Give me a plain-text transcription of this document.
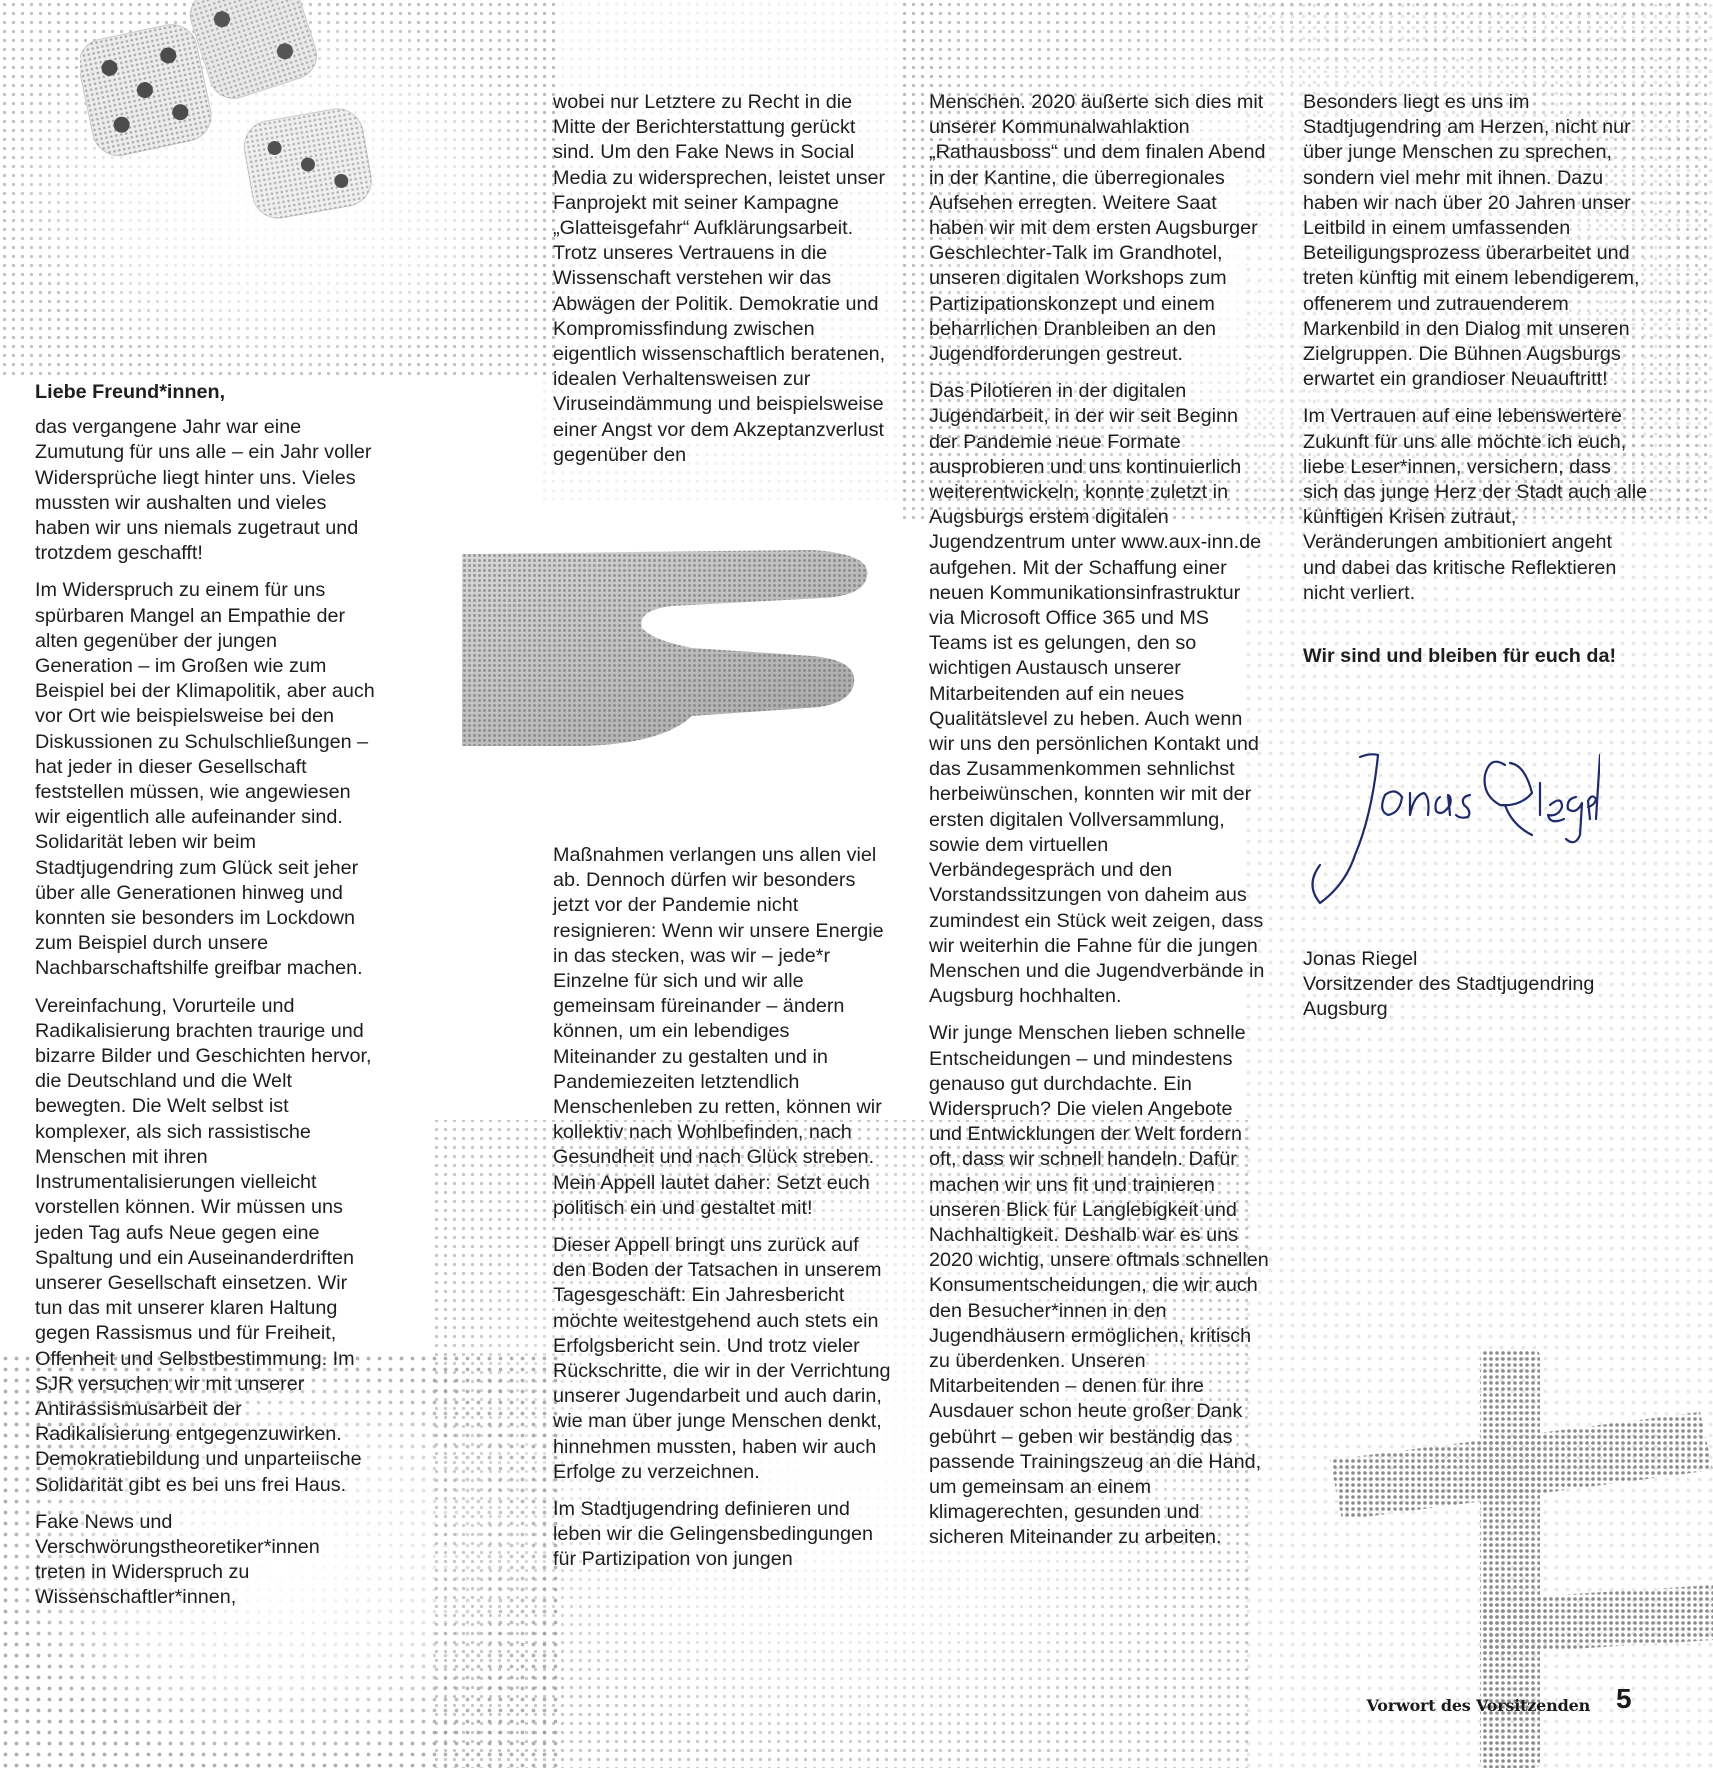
Liebe Freund*innen,

das vergangene Jahr war eine Zumutung für uns alle – ein Jahr voller Widersprüche liegt hinter uns. Vieles mussten wir aushalten und vieles haben wir uns niemals zugetraut und trotzdem geschafft!

Im Widerspruch zu einem für uns spürbaren Mangel an Empathie der alten gegenüber der jungen Generation – im Großen wie zum Beispiel bei der Klimapolitik, aber auch vor Ort wie beispielsweise bei den Diskussionen zu Schulschließungen – hat jeder in dieser Gesellschaft feststellen müssen, wie angewiesen wir eigentlich alle aufeinander sind. Solidarität leben wir beim Stadtjugendring zum Glück seit jeher über alle Generationen hinweg und konnten sie besonders im Lockdown zum Beispiel durch unsere Nachbarschaftshilfe greifbar machen.

Vereinfachung, Vorurteile und Radikalisierung brachten traurige und bizarre Bilder und Geschichten hervor, die Deutschland und die Welt bewegten. Die Welt selbst ist komplexer, als sich rassistische Menschen mit ihren Instrumentalisierungen vielleicht vorstellen können. Wir müssen uns jeden Tag aufs Neue gegen eine Spaltung und ein Auseinanderdriften unserer Gesellschaft einsetzen. Wir tun das mit unserer klaren Haltung gegen Rassismus und für Freiheit, Offenheit und Selbstbestimmung. Im SJR versuchen wir mit unserer Antirassismusarbeit der Radikalisierung entgegenzuwirken. Demokratiebildung und unparteiische Solidarität gibt es bei uns frei Haus.

Fake News und Verschwörungstheoretiker*innen treten in Widerspruch zu Wissenschaftler*innen,

wobei nur Letztere zu Recht in die Mitte der Berichterstattung gerückt sind. Um den Fake News in Social Media zu widersprechen, leistet unser Fanprojekt mit seiner Kampagne „Glatteisgefahr“ Aufklärungsarbeit. Trotz unseres Vertrauens in die Wissenschaft verstehen wir das Abwägen der Politik. Demokratie und Kompromissfindung zwischen eigentlich wissenschaftlich beratenen, idealen Verhaltensweisen zur Viruseindämmung und beispielsweise einer Angst vor dem Akzeptanzverlust gegenüber den

Maßnahmen verlangen uns allen viel ab. Dennoch dürfen wir besonders jetzt vor der Pandemie nicht resignieren: Wenn wir unsere Energie in das stecken, was wir – jede*r Einzelne für sich und wir alle gemeinsam füreinander – ändern können, um ein lebendiges Miteinander zu gestalten und in Pandemiezeiten letztendlich Menschenleben zu retten, können wir kollektiv nach Wohlbefinden, nach Gesundheit und nach Glück streben. Mein Appell lautet daher: Setzt euch politisch ein und gestaltet mit!

Dieser Appell bringt uns zurück auf den Boden der Tatsachen in unserem Tagesgeschäft: Ein Jahresbericht möchte weitestgehend auch stets ein Erfolgsbericht sein. Und trotz vieler Rückschritte, die wir in der Verrichtung unserer Jugendarbeit und auch darin, wie man über junge Menschen denkt, hinnehmen mussten, haben wir auch Erfolge zu verzeichnen.

Im Stadtjugendring definieren und leben wir die Gelingensbedingungen für Partizipation von jungen

Menschen. 2020 äußerte sich dies mit unserer Kommunalwahlaktion „Rathausboss“ und dem finalen Abend in der Kantine, die überregionales Aufsehen erregten. Weitere Saat haben wir mit dem ersten Augsburger Geschlechter-Talk im Grandhotel, unseren digitalen Workshops zum Partizipationskonzept und einem beharrlichen Dranbleiben an den Jugendforderungen gestreut.

Das Pilotieren in der digitalen Jugendarbeit, in der wir seit Beginn der Pandemie neue Formate ausprobieren und uns kontinuierlich weiterentwickeln, konnte zuletzt in Augsburgs erstem digitalen Jugendzentrum unter www.aux-inn.de aufgehen. Mit der Schaffung einer neuen Kommunikationsinfrastruktur via Microsoft Office 365 und MS Teams ist es gelungen, den so wichtigen Austausch unserer Mitarbeitenden auf ein neues Qualitätslevel zu heben. Auch wenn wir uns den persönlichen Kontakt und das Zusammenkommen sehnlichst herbeiwünschen, konnten wir mit der ersten digitalen Vollversammlung, sowie dem virtuellen Verbändegespräch und den Vorstandssitzungen von daheim aus zumindest ein Stück weit zeigen, dass wir weiterhin die Fahne für die jungen Menschen und die Jugendverbände in Augsburg hochhalten.

Wir junge Menschen lieben schnelle Entscheidungen – und mindestens genauso gut durchdachte. Ein Widerspruch? Die vielen Angebote und Entwicklungen der Welt fordern oft, dass wir schnell handeln. Dafür machen wir uns fit und trainieren unseren Blick für Langlebigkeit und Nachhaltigkeit. Deshalb war es uns 2020 wichtig, unsere oftmals schnellen Konsumentscheidungen, die wir auch den Besucher*innen in den Jugendhäusern ermöglichen, kritisch zu überdenken. Unseren Mitarbeitenden – denen für ihre Ausdauer schon heute großer Dank gebührt – geben wir beständig das passende Trainingszeug an die Hand, um gemeinsam an einem klimagerechten, gesunden und sicheren Miteinander zu arbeiten.

Besonders liegt es uns im Stadtjugendring am Herzen, nicht nur über junge Menschen zu sprechen, sondern viel mehr mit ihnen. Dazu haben wir nach über 20 Jahren unser Leitbild in einem umfassenden Beteiligungsprozess überarbeitet und treten künftig mit einem lebendigerem, offenerem und zutrauenderem Markenbild in den Dialog mit unseren Zielgruppen. Die Bühnen Augsburgs erwartet ein grandioser Neuauftritt!

Im Vertrauen auf eine lebenswertere Zukunft für uns alle möchte ich euch, liebe Leser*innen, versichern, dass sich das junge Herz der Stadt auch alle künftigen Krisen zutraut, Veränderungen ambitioniert angeht und dabei das kritische Reflektieren nicht verliert.

Wir sind und bleiben für euch da!

Jonas Riegel
Vorsitzender des Stadtjugendring
Augsburg
Vorwort des Vorsitzenden 5
